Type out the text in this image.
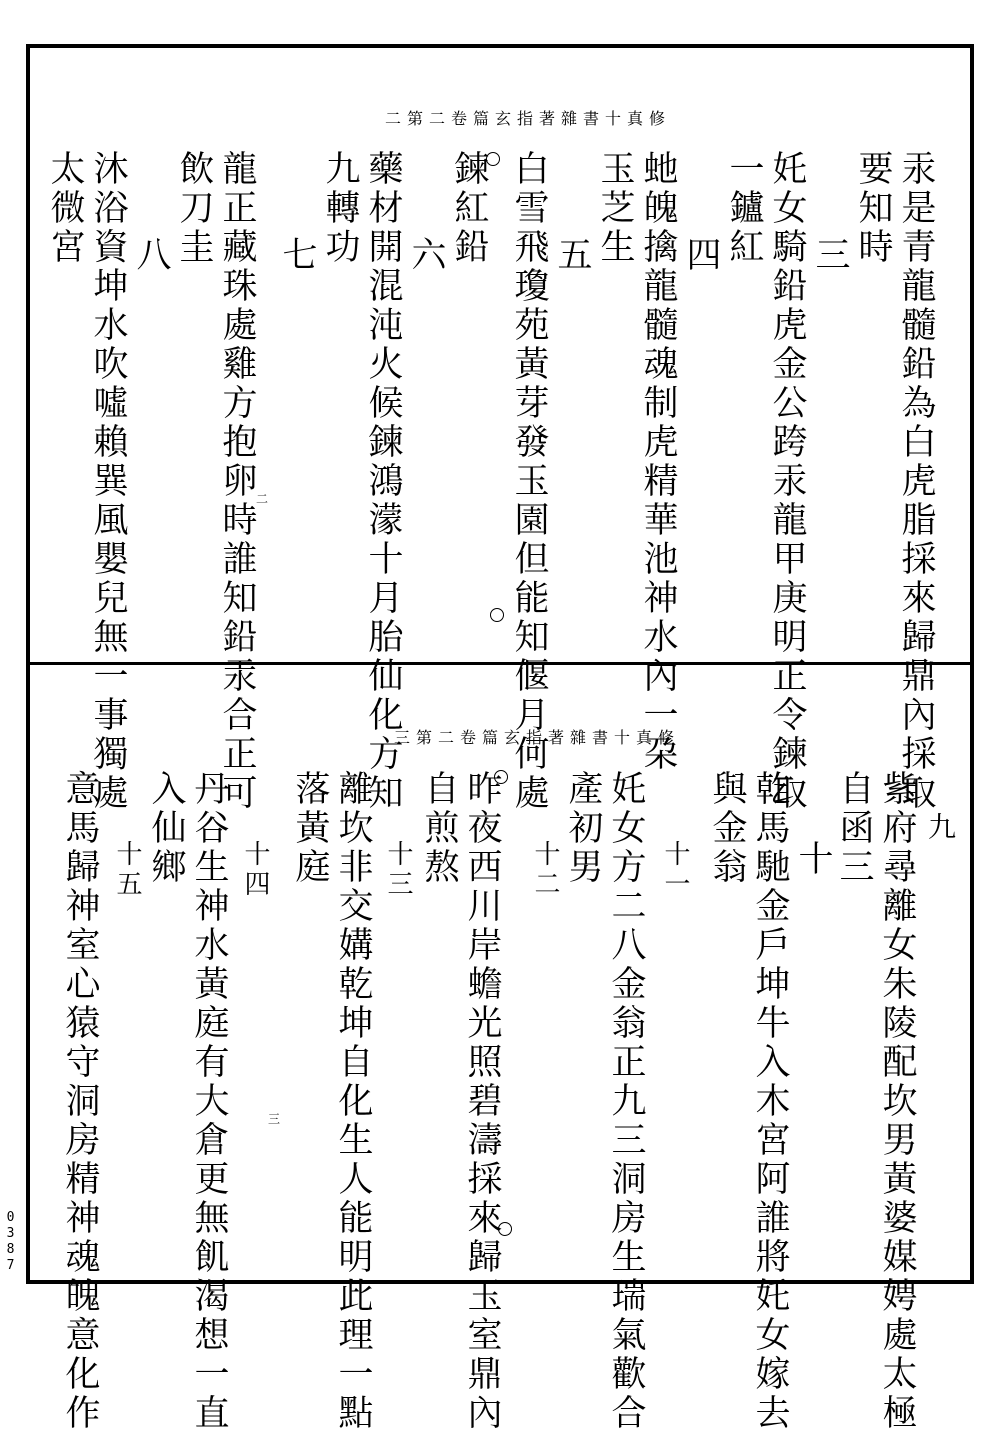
修真十書雜著指玄篇卷二第二
汞是青龍髓鉛為白虎脂採來歸鼎內採取
要知時
三
奼女騎鉛虎金公跨汞龍甲庚明正令鍊取
一鑪紅
四
虵魄擒龍髓魂制虎精華池神水內一朶
玉芝生
五
白雪飛瓊苑黃芽發玉園但能知偃月何處
鍊紅鉛
六
藥材開混沌火候鍊鴻濛十月胎仙化方知
九轉功
七
龍正藏珠處雞方抱卵時誰知鉛汞合正可
飲刀圭
八
沐浴資坤水吹噓賴巽風嬰兒無一事獨處
太微宮
二
修真十書雜著指玄篇卷二第三
九
紫府尋離女朱陵配坎男黃婆媒娉處太極
自函三
十
乾馬馳金戶坤牛入木宮阿誰將奼女嫁去
與金翁
十一
奼女方二八金翁正九三洞房生瑞氣歡合
產初男
十二
昨夜西川岸蟾光照碧濤採來歸玉室鼎內
自煎熬
十三
離坎非交媾乾坤自化生人能明此理一點
落黃庭
十四
丹谷生神水黃庭有大倉更無飢渴想一直
入仙鄉
十五
意馬歸神室心猿守洞房精神魂魄意化作	三
0387
